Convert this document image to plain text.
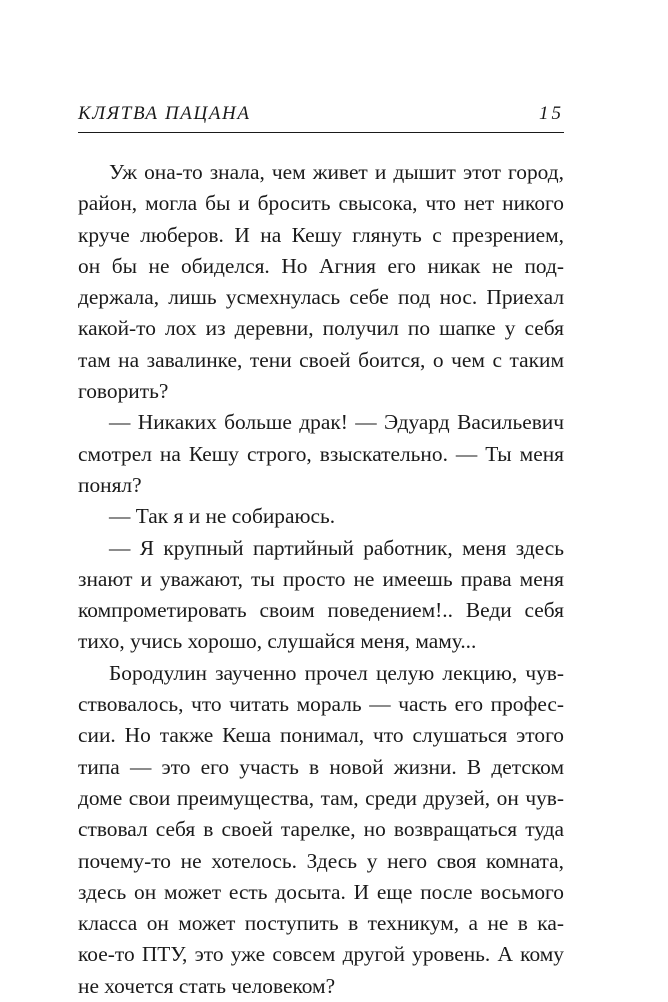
КЛЯТВА ПАЦАНА	15
Уж она-то знала, чем живет и дышит этот город,
район, могла бы и бросить свысока, что нет никого
круче люберов. И на Кешу глянуть с презрением,
он бы не обиделся. Но Агния его никак не под-
держала, лишь усмехнулась себе под нос. Приехал
какой-то лох из деревни, получил по шапке у себя
там на завалинке, тени своей боится, о чем с таким
говорить?
— Никаких больше драк! — Эдуард Васильевич
смотрел на Кешу строго, взыскательно. — Ты меня
понял?
— Так я и не собираюсь.
— Я крупный партийный работник, меня здесь
знают и уважают, ты просто не имеешь права меня
компрометировать своим поведением!.. Веди себя
тихо, учись хорошо, слушайся меня, маму...
Бородулин заученно прочел целую лекцию, чув-
ствовалось, что читать мораль — часть его профес-
сии. Но также Кеша понимал, что слушаться этого
типа — это его участь в новой жизни. В детском
доме свои преимущества, там, среди друзей, он чув-
ствовал себя в своей тарелке, но возвращаться туда
почему-то не хотелось. Здесь у него своя комната,
здесь он может есть досыта. И еще после восьмого
класса он может поступить в техникум, а не в ка-
кое-то ПТУ, это уже совсем другой уровень. А кому
не хочется стать человеком?
